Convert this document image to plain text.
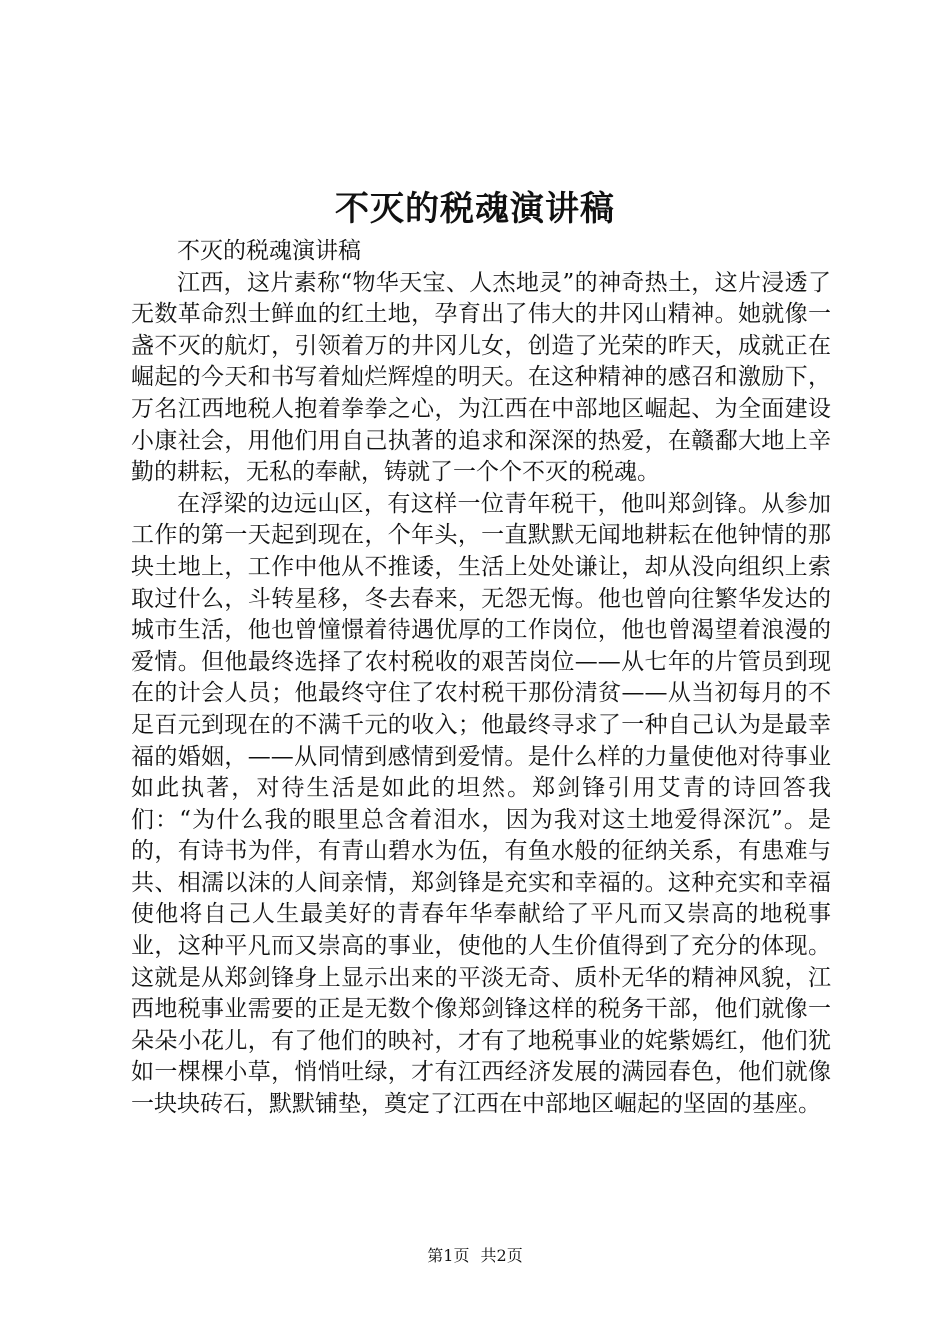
不灭的税魂演讲稿

不灭的税魂演讲稿

江西，这片素称“物华天宝、人杰地灵”的神奇热土，这片浸透了无数革命烈士鲜血的红土地，孕育出了伟大的井冈山精神。她就像一盏不灭的航灯，引领着万的井冈儿女，创造了光荣的昨天，成就正在崛起的今天和书写着灿烂辉煌的明天。在这种精神的感召和激励下，万名江西地税人抱着拳拳之心，为江西在中部地区崛起、为全面建设小康社会，用他们用自己执著的追求和深深的热爱，在赣鄱大地上辛勤的耕耘，无私的奉献，铸就了一个个不灭的税魂。

在浮梁的边远山区，有这样一位青年税干，他叫郑剑锋。从参加工作的第一天起到现在，个年头，一直默默无闻地耕耘在他钟情的那块土地上，工作中他从不推诿，生活上处处谦让，却从没向组织上索取过什么，斗转星移，冬去春来，无怨无悔。他也曾向往繁华发达的城市生活，他也曾憧憬着待遇优厚的工作岗位，他也曾渴望着浪漫的爱情。但他最终选择了农村税收的艰苦岗位——从七年的片管员到现在的计会人员；他最终守住了农村税干那份清贫——从当初每月的不足百元到现在的不满千元的收入；他最终寻求了一种自己认为是最幸福的婚姻，——从同情到感情到爱情。是什么样的力量使他对待事业如此执著，对待生活是如此的坦然。郑剑锋引用艾青的诗回答我们：“为什么我的眼里总含着泪水，因为我对这土地爱得深沉”。是的，有诗书为伴，有青山碧水为伍，有鱼水般的征纳关系，有患难与共、相濡以沫的人间亲情，郑剑锋是充实和幸福的。这种充实和幸福使他将自己人生最美好的青春年华奉献给了平凡而又崇高的地税事业，这种平凡而又崇高的事业，使他的人生价值得到了充分的体现。这就是从郑剑锋身上显示出来的平淡无奇、质朴无华的精神风貌，江西地税事业需要的正是无数个像郑剑锋这样的税务干部，他们就像一朵朵小花儿，有了他们的映衬，才有了地税事业的姹紫嫣红，他们犹如一棵棵小草，悄悄吐绿，才有江西经济发展的满园春色，他们就像一块块砖石，默默铺垫，奠定了江西在中部地区崛起的坚固的基座。

第1页 共2页
